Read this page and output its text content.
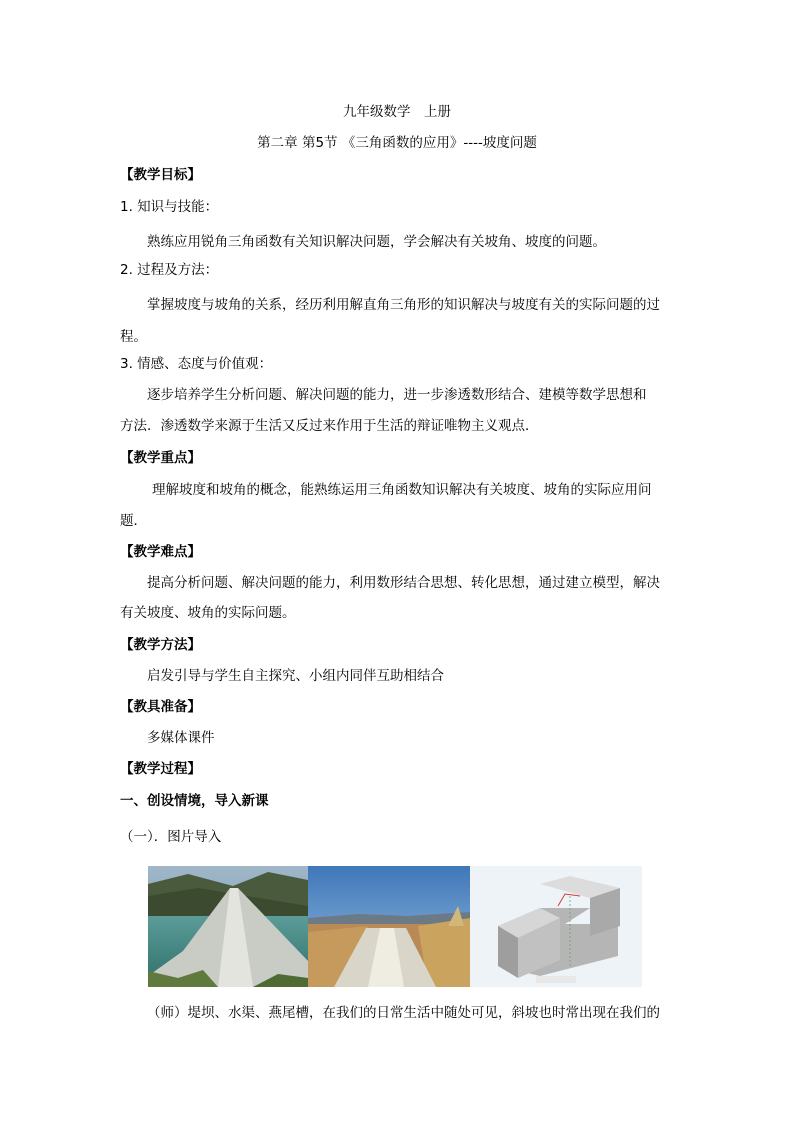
九年级数学　上册
第二章 第5节 《三角函数的应用》----坡度问题
【教学目标】
1. 知识与技能：
熟练应用锐角三角函数有关知识解决问题，学会解决有关坡角、坡度的问题。
2. 过程及方法：
掌握坡度与坡角的关系，经历利用解直角三角形的知识解决与坡度有关的实际问题的过
程。
3. 情感、态度与价值观：
逐步培养学生分析问题、解决问题的能力，进一步渗透数形结合、建模等数学思想和
方法．渗透数学来源于生活又反过来作用于生活的辩证唯物主义观点．
【教学重点】
理解坡度和坡角的概念，能熟练运用三角函数知识解决有关坡度、坡角的实际应用问
题．
【教学难点】
提高分析问题、解决问题的能力，利用数形结合思想、转化思想，通过建立模型，解决
有关坡度、坡角的实际问题。
【教学方法】
启发引导与学生自主探究、小组内同伴互助相结合
【教具准备】
多媒体课件
【教学过程】
一、创设情境，导入新课
（一）．图片导入
（师）堤坝、水渠、燕尾槽，在我们的日常生活中随处可见，斜坡也时常出现在我们的
